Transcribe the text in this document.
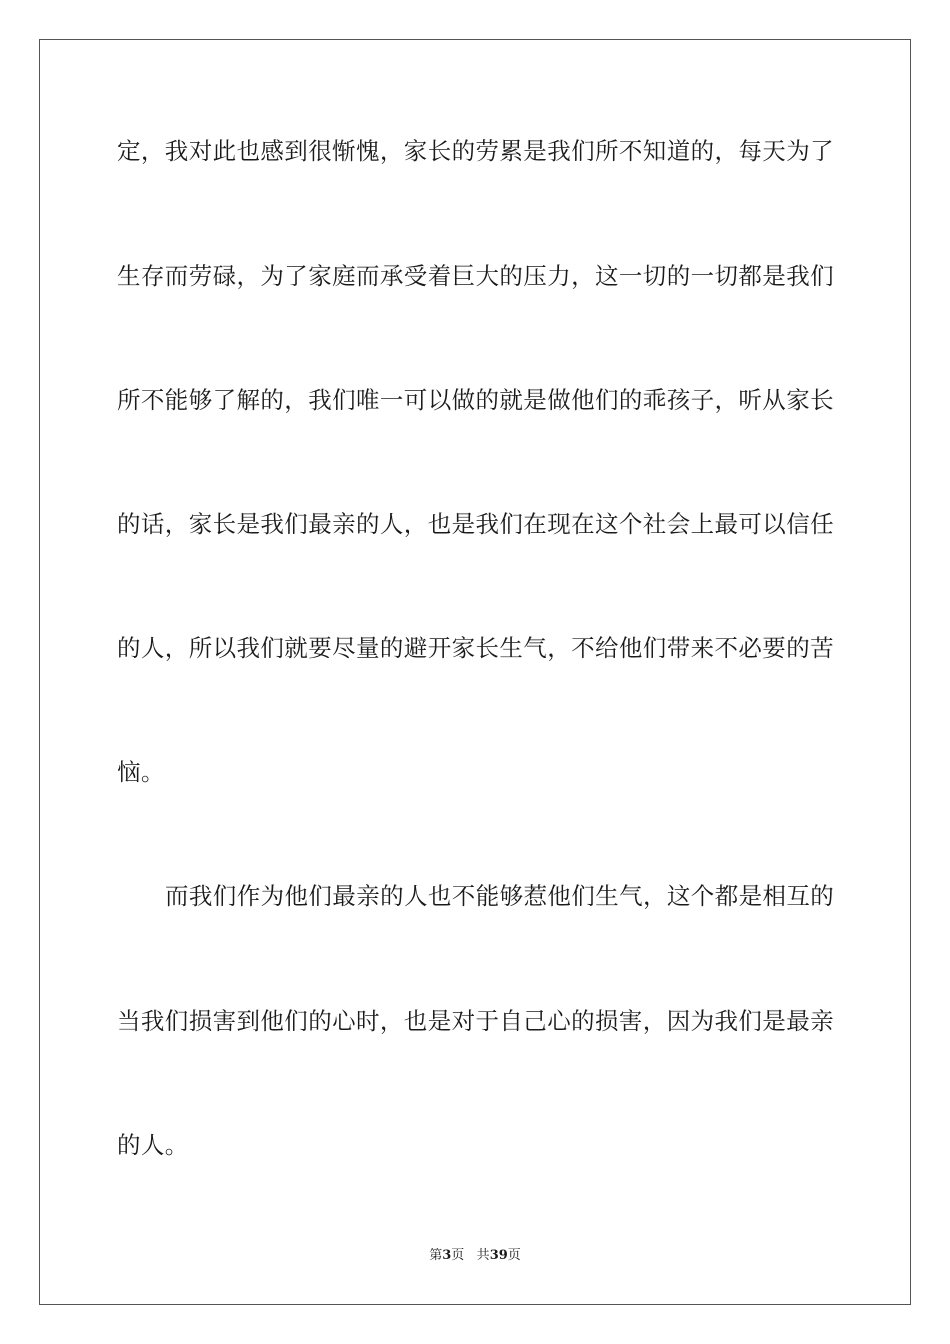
定，我对此也感到很惭愧，家长的劳累是我们所不知道的，每天为了
生存而劳碌，为了家庭而承受着巨大的压力，这一切的一切都是我们
所不能够了解的，我们唯一可以做的就是做他们的乖孩子，听从家长
的话，家长是我们最亲的人，也是我们在现在这个社会上最可以信任
的人，所以我们就要尽量的避开家长生气，不给他们带来不必要的苦
恼。
而我们作为他们最亲的人也不能够惹他们生气，这个都是相互的
当我们损害到他们的心时，也是对于自己心的损害，因为我们是最亲
的人。
第3页 共39页
